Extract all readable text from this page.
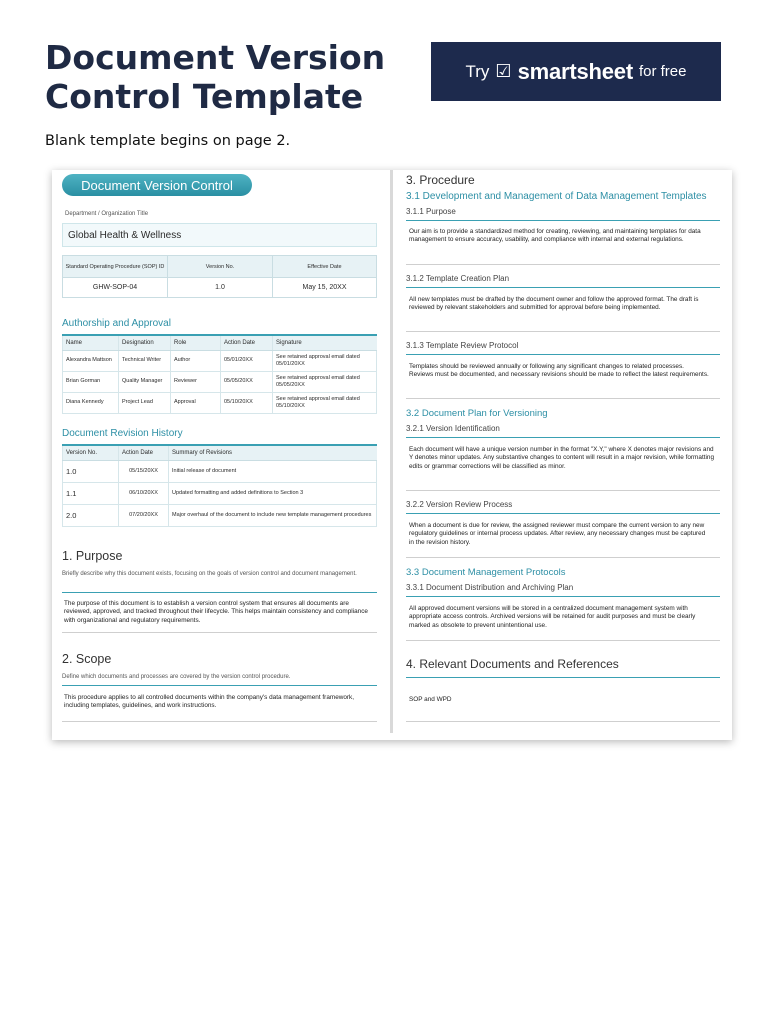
Document Version Control Template
Try ☑ smartsheet for free
Blank template begins on page 2.
Document Version Control
Department / Organization Title
Global Health & Wellness
Standard Operating Procedure (SOP) ID	Version No.	Effective Date
GHW-SOP-04	1.0	May 15, 20XX
Authorship and Approval
Name	Designation	Role	Action Date	Signature
Alexandra Mattson	Technical Writer	Author	05/01/20XX	See retained approval email dated 05/01/20XX
Brian Gorman	Quality Manager	Reviewer	05/05/20XX	See retained approval email dated 05/05/20XX
Diana Kennedy	Project Lead	Approval	05/10/20XX	See retained approval email dated 05/10/20XX
Document Revision History
Version No.	Action Date	Summary of Revisions
1.0	05/15/20XX	Initial release of document
1.1	06/10/20XX	Updated formatting and added definitions to Section 3
2.0	07/20/20XX	Major overhaul of the document to include new template management procedures
1. Purpose
Briefly describe why this document exists, focusing on the goals of version control and document management.
The purpose of this document is to establish a version control system that ensures all documents are reviewed, approved, and tracked throughout their lifecycle. This helps maintain consistency and compliance with organizational and regulatory requirements.
2. Scope
Define which documents and processes are covered by the version control procedure.
This procedure applies to all controlled documents within the company's data management framework, including templates, guidelines, and work instructions.
3. Procedure
3.1 Development and Management of Data Management Templates
3.1.1 Purpose
Our aim is to provide a standardized method for creating, reviewing, and maintaining templates for data management to ensure accuracy, usability, and compliance with internal and external regulations.
3.1.2 Template Creation Plan
All new templates must be drafted by the document owner and follow the approved format. The draft is reviewed by relevant stakeholders and submitted for approval before being implemented.
3.1.3 Template Review Protocol
Templates should be reviewed annually or following any significant changes to related processes. Reviews must be documented, and necessary revisions should be made to reflect the latest requirements.
3.2 Document Plan for Versioning
3.2.1 Version Identification
Each document will have a unique version number in the format "X.Y," where X denotes major revisions and Y denotes minor updates. Any substantive changes to content will result in a major revision, while formatting edits or grammar corrections will be classified as minor.
3.2.2 Version Review Process
When a document is due for review, the assigned reviewer must compare the current version to any new regulatory guidelines or internal process updates. After review, any necessary changes must be captured in the revision history.
3.3 Document Management Protocols
3.3.1 Document Distribution and Archiving Plan
All approved document versions will be stored in a centralized document management system with appropriate access controls. Archived versions will be retained for audit purposes and must be clearly marked as obsolete to prevent unintentional use.
4. Relevant Documents and References
SOP and WPD
